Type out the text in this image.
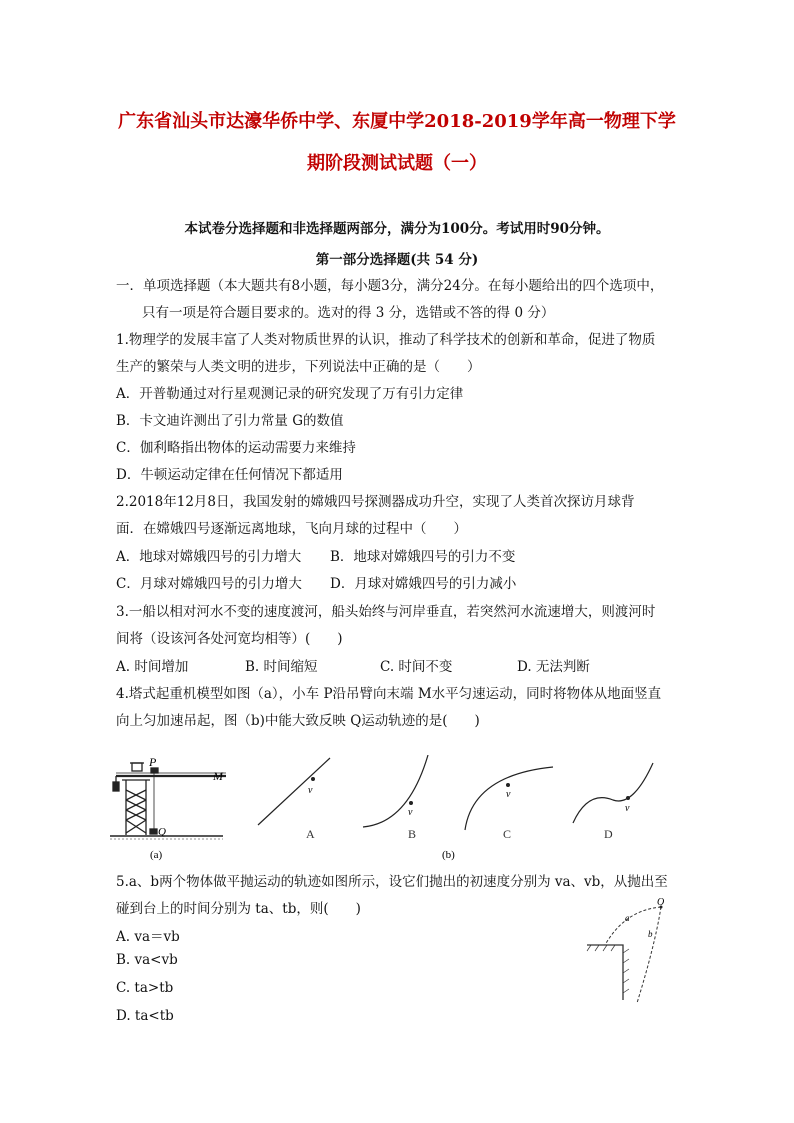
广东省汕头市达濠华侨中学、东厦中学2018-2019学年高一物理下学
期阶段测试试题（一）
本试卷分选择题和非选择题两部分，满分为100分。考试用时90分钟。
第一部分选择题(共 54 分)
一．单项选择题（本大题共有8小题，每小题3分，满分24分。在每小题给出的四个选项中，
只有一项是符合题目要求的。选对的得 3 分，选错或不答的得 0 分）
1.物理学的发展丰富了人类对物质世界的认识，推动了科学技术的创新和革命，促进了物质
生产的繁荣与人类文明的进步，下列说法中正确的是（　　）
A．开普勒通过对行星观测记录的研究发现了万有引力定律
B．卡文迪许测出了引力常量 G的数值
C．伽利略指出物体的运动需要力来维持
D．牛顿运动定律在任何情况下都适用
2.2018年12月8日，我国发射的嫦娥四号探测器成功升空，实现了人类首次探访月球背
面．在嫦娥四号逐渐远离地球，飞向月球的过程中（　　）
A．地球对嫦娥四号的引力增大 B．地球对嫦娥四号的引力不变
C．月球对嫦娥四号的引力增大 D．月球对嫦娥四号的引力减小
3.一船以相对河水不变的速度渡河，船头始终与河岸垂直，若突然河水流速增大，则渡河时
间将（设该河各处河宽均相等）(　　)
A. 时间增加	B. 时间缩短	C. 时间不变	D. 无法判断
4.塔式起重机模型如图（a），小车 P沿吊臂向末端 M水平匀速运动，同时将物体从地面竖直
向上匀加速吊起，图（b)中能大致反映 Q运动轨迹的是(　　)
P
M
Q
(a)
v
v
v
v
A	B	C	D
(b)
5.a、b两个物体做平抛运动的轨迹如图所示，设它们抛出的初速度分别为 va、vb，从抛出至
碰到台上的时间分别为 ta、tb，则(　　)
A. va＝vb
B. va<vb
C. ta>tb
D. ta<tb
O
a
b
